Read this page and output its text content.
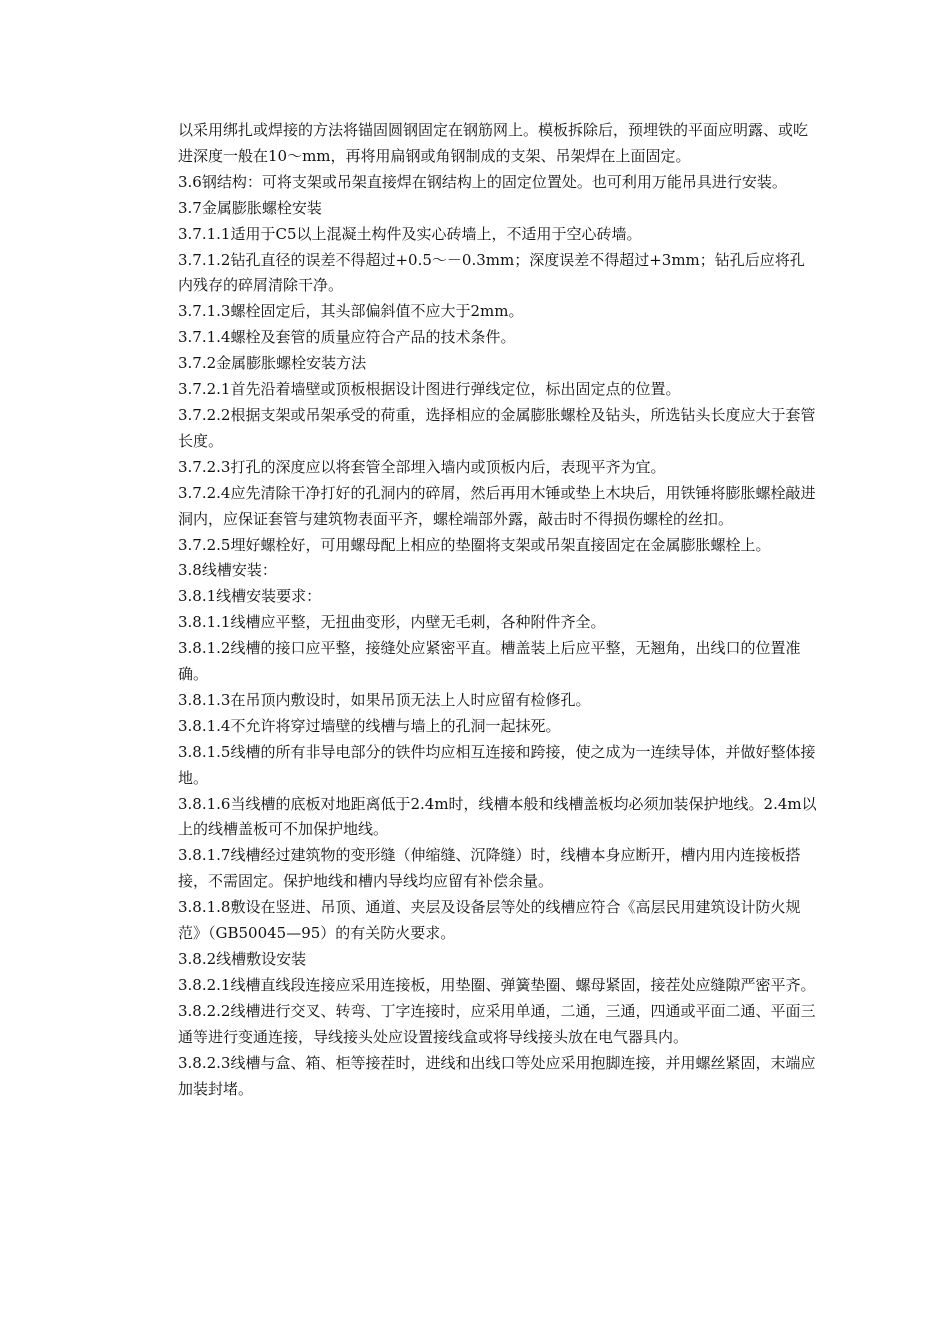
以采用绑扎或焊接的方法将锚固圆钢固定在钢筋网上。模板拆除后，预埋铁的平面应明露、或吃进深度一般在10～mm，再将用扁钢或角钢制成的支架、吊架焊在上面固定。

3.6钢结构：可将支架或吊架直接焊在钢结构上的固定位置处。也可利用万能吊具进行安装。

3.7金属膨胀螺栓安装

3.7.1.1适用于C5以上混凝土构件及实心砖墙上，不适用于空心砖墙。

3.7.1.2钻孔直径的误差不得超过+0.5～－0.3mm；深度误差不得超过+3mm；钻孔后应将孔内残存的碎屑清除干净。

3.7.1.3螺栓固定后，其头部偏斜值不应大于2mm。

3.7.1.4螺栓及套管的质量应符合产品的技术条件。

3.7.2金属膨胀螺栓安装方法

3.7.2.1首先沿着墙壁或顶板根据设计图进行弹线定位，标出固定点的位置。

3.7.2.2根据支架或吊架承受的荷重，选择相应的金属膨胀螺栓及钻头，所选钻头长度应大于套管长度。

3.7.2.3打孔的深度应以将套管全部埋入墙内或顶板内后，表现平齐为宜。

3.7.2.4应先清除干净打好的孔洞内的碎屑，然后再用木锤或垫上木块后，用铁锤将膨胀螺栓敲进洞内，应保证套管与建筑物表面平齐，螺栓端部外露，敲击时不得损伤螺栓的丝扣。

3.7.2.5埋好螺栓好，可用螺母配上相应的垫圈将支架或吊架直接固定在金属膨胀螺栓上。

3.8线槽安装：

3.8.1线槽安装要求：

3.8.1.1线槽应平整，无扭曲变形，内壁无毛刺，各种附件齐全。

3.8.1.2线槽的接口应平整，接缝处应紧密平直。槽盖装上后应平整，无翘角，出线口的位置准确。

3.8.1.3在吊顶内敷设时，如果吊顶无法上人时应留有检修孔。

3.8.1.4不允许将穿过墙壁的线槽与墙上的孔洞一起抹死。

3.8.1.5线槽的所有非导电部分的铁件均应相互连接和跨接，使之成为一连续导体，并做好整体接地。

3.8.1.6当线槽的底板对地距离低于2.4m时，线槽本般和线槽盖板均必须加装保护地线。2.4m以上的线槽盖板可不加保护地线。

3.8.1.7线槽经过建筑物的变形缝（伸缩缝、沉降缝）时，线槽本身应断开，槽内用内连接板搭接，不需固定。保护地线和槽内导线均应留有补偿余量。

3.8.1.8敷设在竖进、吊顶、通道、夹层及设备层等处的线槽应符合《高层民用建筑设计防火规范》（GB50045—95）的有关防火要求。

3.8.2线槽敷设安装

3.8.2.1线槽直线段连接应采用连接板，用垫圈、弹簧垫圈、螺母紧固，接茬处应缝隙严密平齐。

3.8.2.2线槽进行交叉、转弯、丁字连接时，应采用单通，二通，三通，四通或平面二通、平面三通等进行变通连接，导线接头处应设置接线盒或将导线接头放在电气器具内。

3.8.2.3线槽与盒、箱、柜等接茬时，进线和出线口等处应采用抱脚连接，并用螺丝紧固，末端应加装封堵。
